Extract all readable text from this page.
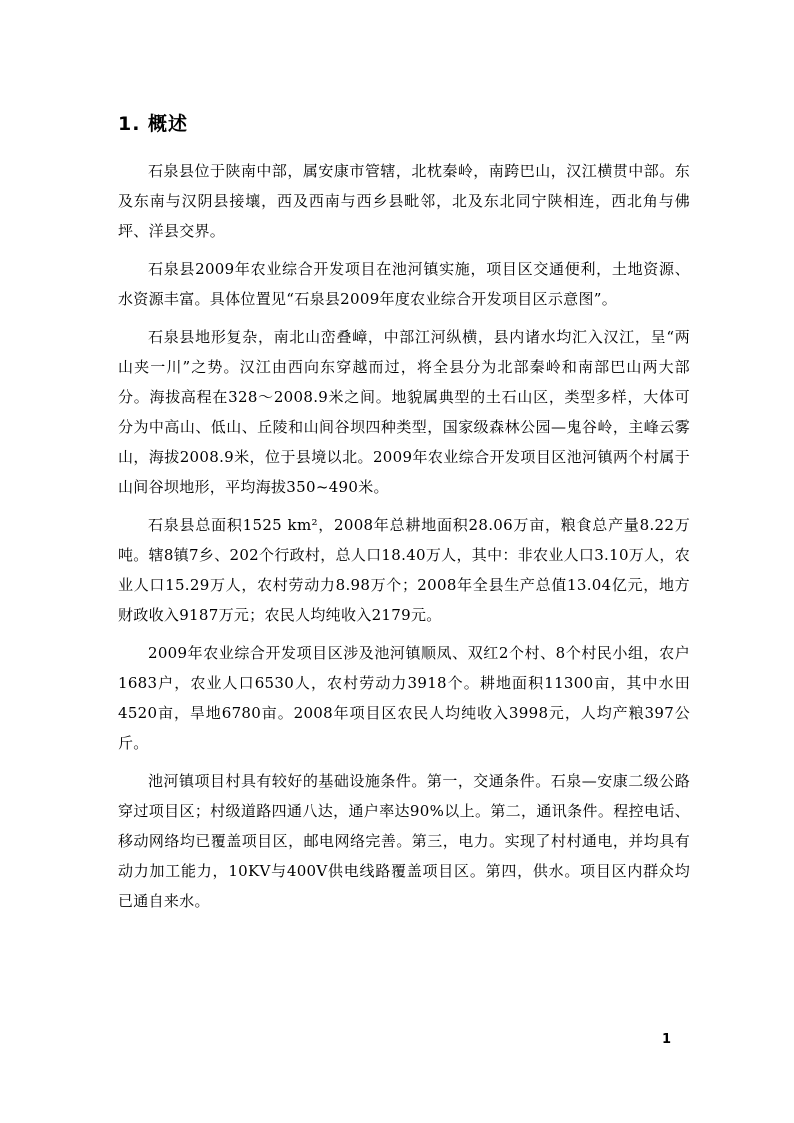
1. 概述

石泉县位于陕南中部，属安康市管辖，北枕秦岭，南跨巴山，汉江横贯中部。东及东南与汉阴县接壤，西及西南与西乡县毗邻，北及东北同宁陕相连，西北角与佛坪、洋县交界。

石泉县2009年农业综合开发项目在池河镇实施，项目区交通便利，土地资源、水资源丰富。具体位置见“石泉县2009年度农业综合开发项目区示意图”。

石泉县地形复杂，南北山峦叠嶂，中部江河纵横，县内诸水均汇入汉江，呈“两山夹一川”之势。汉江由西向东穿越而过，将全县分为北部秦岭和南部巴山两大部分。海拔高程在328～2008.9米之间。地貌属典型的土石山区，类型多样，大体可分为中高山、低山、丘陵和山间谷坝四种类型，国家级森林公园—鬼谷岭，主峰云雾山，海拔2008.9米，位于县境以北。2009年农业综合开发项目区池河镇两个村属于山间谷坝地形，平均海拔350~490米。

石泉县总面积1525 km²，2008年总耕地面积28.06万亩，粮食总产量8.22万吨。辖8镇7乡、202个行政村，总人口18.40万人，其中：非农业人口3.10万人，农业人口15.29万人，农村劳动力8.98万个；2008年全县生产总值13.04亿元，地方财政收入9187万元；农民人均纯收入2179元。

2009年农业综合开发项目区涉及池河镇顺凤、双红2个村、8个村民小组，农户1683户，农业人口6530人，农村劳动力3918个。耕地面积11300亩，其中水田4520亩，旱地6780亩。2008年项目区农民人均纯收入3998元，人均产粮397公斤。

池河镇项目村具有较好的基础设施条件。第一，交通条件。石泉—安康二级公路穿过项目区；村级道路四通八达，通户率达90%以上。第二，通讯条件。程控电话、移动网络均已覆盖项目区，邮电网络完善。第三，电力。实现了村村通电，并均具有动力加工能力，10KV与400V供电线路覆盖项目区。第四，供水。项目区内群众均已通自来水。

1
